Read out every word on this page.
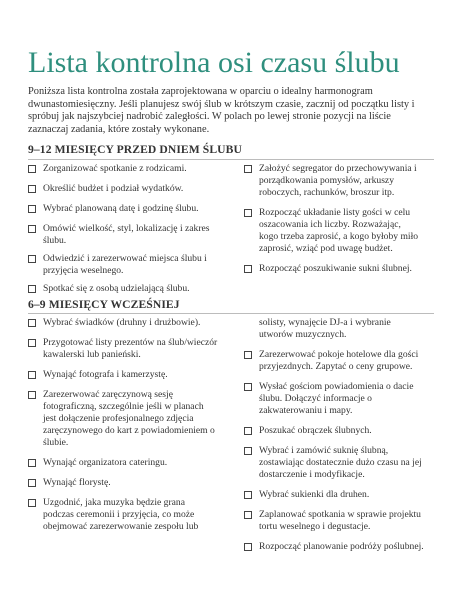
Lista kontrolna osi czasu ślubu

Poniższa lista kontrolna została zaprojektowana w oparciu o idealny harmonogram dwunastomiesięczny. Jeśli planujesz swój ślub w krótszym czasie, zacznij od początku listy i spróbuj jak najszybciej nadrobić zaległości. W polach po lewej stronie pozycji na liście zaznaczaj zadania, które zostały wykonane.

9–12 MIESIĘCY PRZED DNIEM ŚLUBU
Zorganizować spotkanie z rodzicami.
Określić budżet i podział wydatków.
Wybrać planowaną datę i godzinę ślubu.
Omówić wielkość, styl, lokalizację i zakres ślubu.
Odwiedzić i zarezerwować miejsca ślubu i przyjęcia weselnego.
Spotkać się z osobą udzielającą ślubu.
Założyć segregator do przechowywania i porządkowania pomysłów, arkuszy roboczych, rachunków, broszur itp.
Rozpocząć układanie listy gości w celu oszacowania ich liczby. Rozważając, kogo trzeba zaprosić, a kogo byłoby miło zaprosić, wziąć pod uwagę budżet.
Rozpocząć poszukiwanie sukni ślubnej.
6–9 MIESIĘCY WCZEŚNIEJ
Wybrać świadków (druhny i drużbowie).
Przygotować listy prezentów na ślub/wieczór kawalerski lub panieński.
Wynająć fotografa i kamerzystę.
Zarezerwować zaręczynową sesję fotograficzną, szczególnie jeśli w planach jest dołączenie profesjonalnego zdjęcia zaręczynowego do kart z powiadomieniem o ślubie.
Wynająć organizatora cateringu.
Wynająć florystę.
Uzgodnić, jaka muzyka będzie grana podczas ceremonii i przyjęcia, co może obejmować zarezerwowanie zespołu lub
solisty, wynajęcie DJ-a i wybranie utworów muzycznych.
Zarezerwować pokoje hotelowe dla gości przyjezdnych. Zapytać o ceny grupowe.
Wysłać gościom powiadomienia o dacie ślubu. Dołączyć informacje o zakwaterowaniu i mapy.
Poszukać obrączek ślubnych.
Wybrać i zamówić suknię ślubną, zostawiając dostatecznie dużo czasu na jej dostarczenie i modyfikacje.
Wybrać sukienki dla druhen.
Zaplanować spotkania w sprawie projektu tortu weselnego i degustacje.
Rozpocząć planowanie podróży poślubnej.
